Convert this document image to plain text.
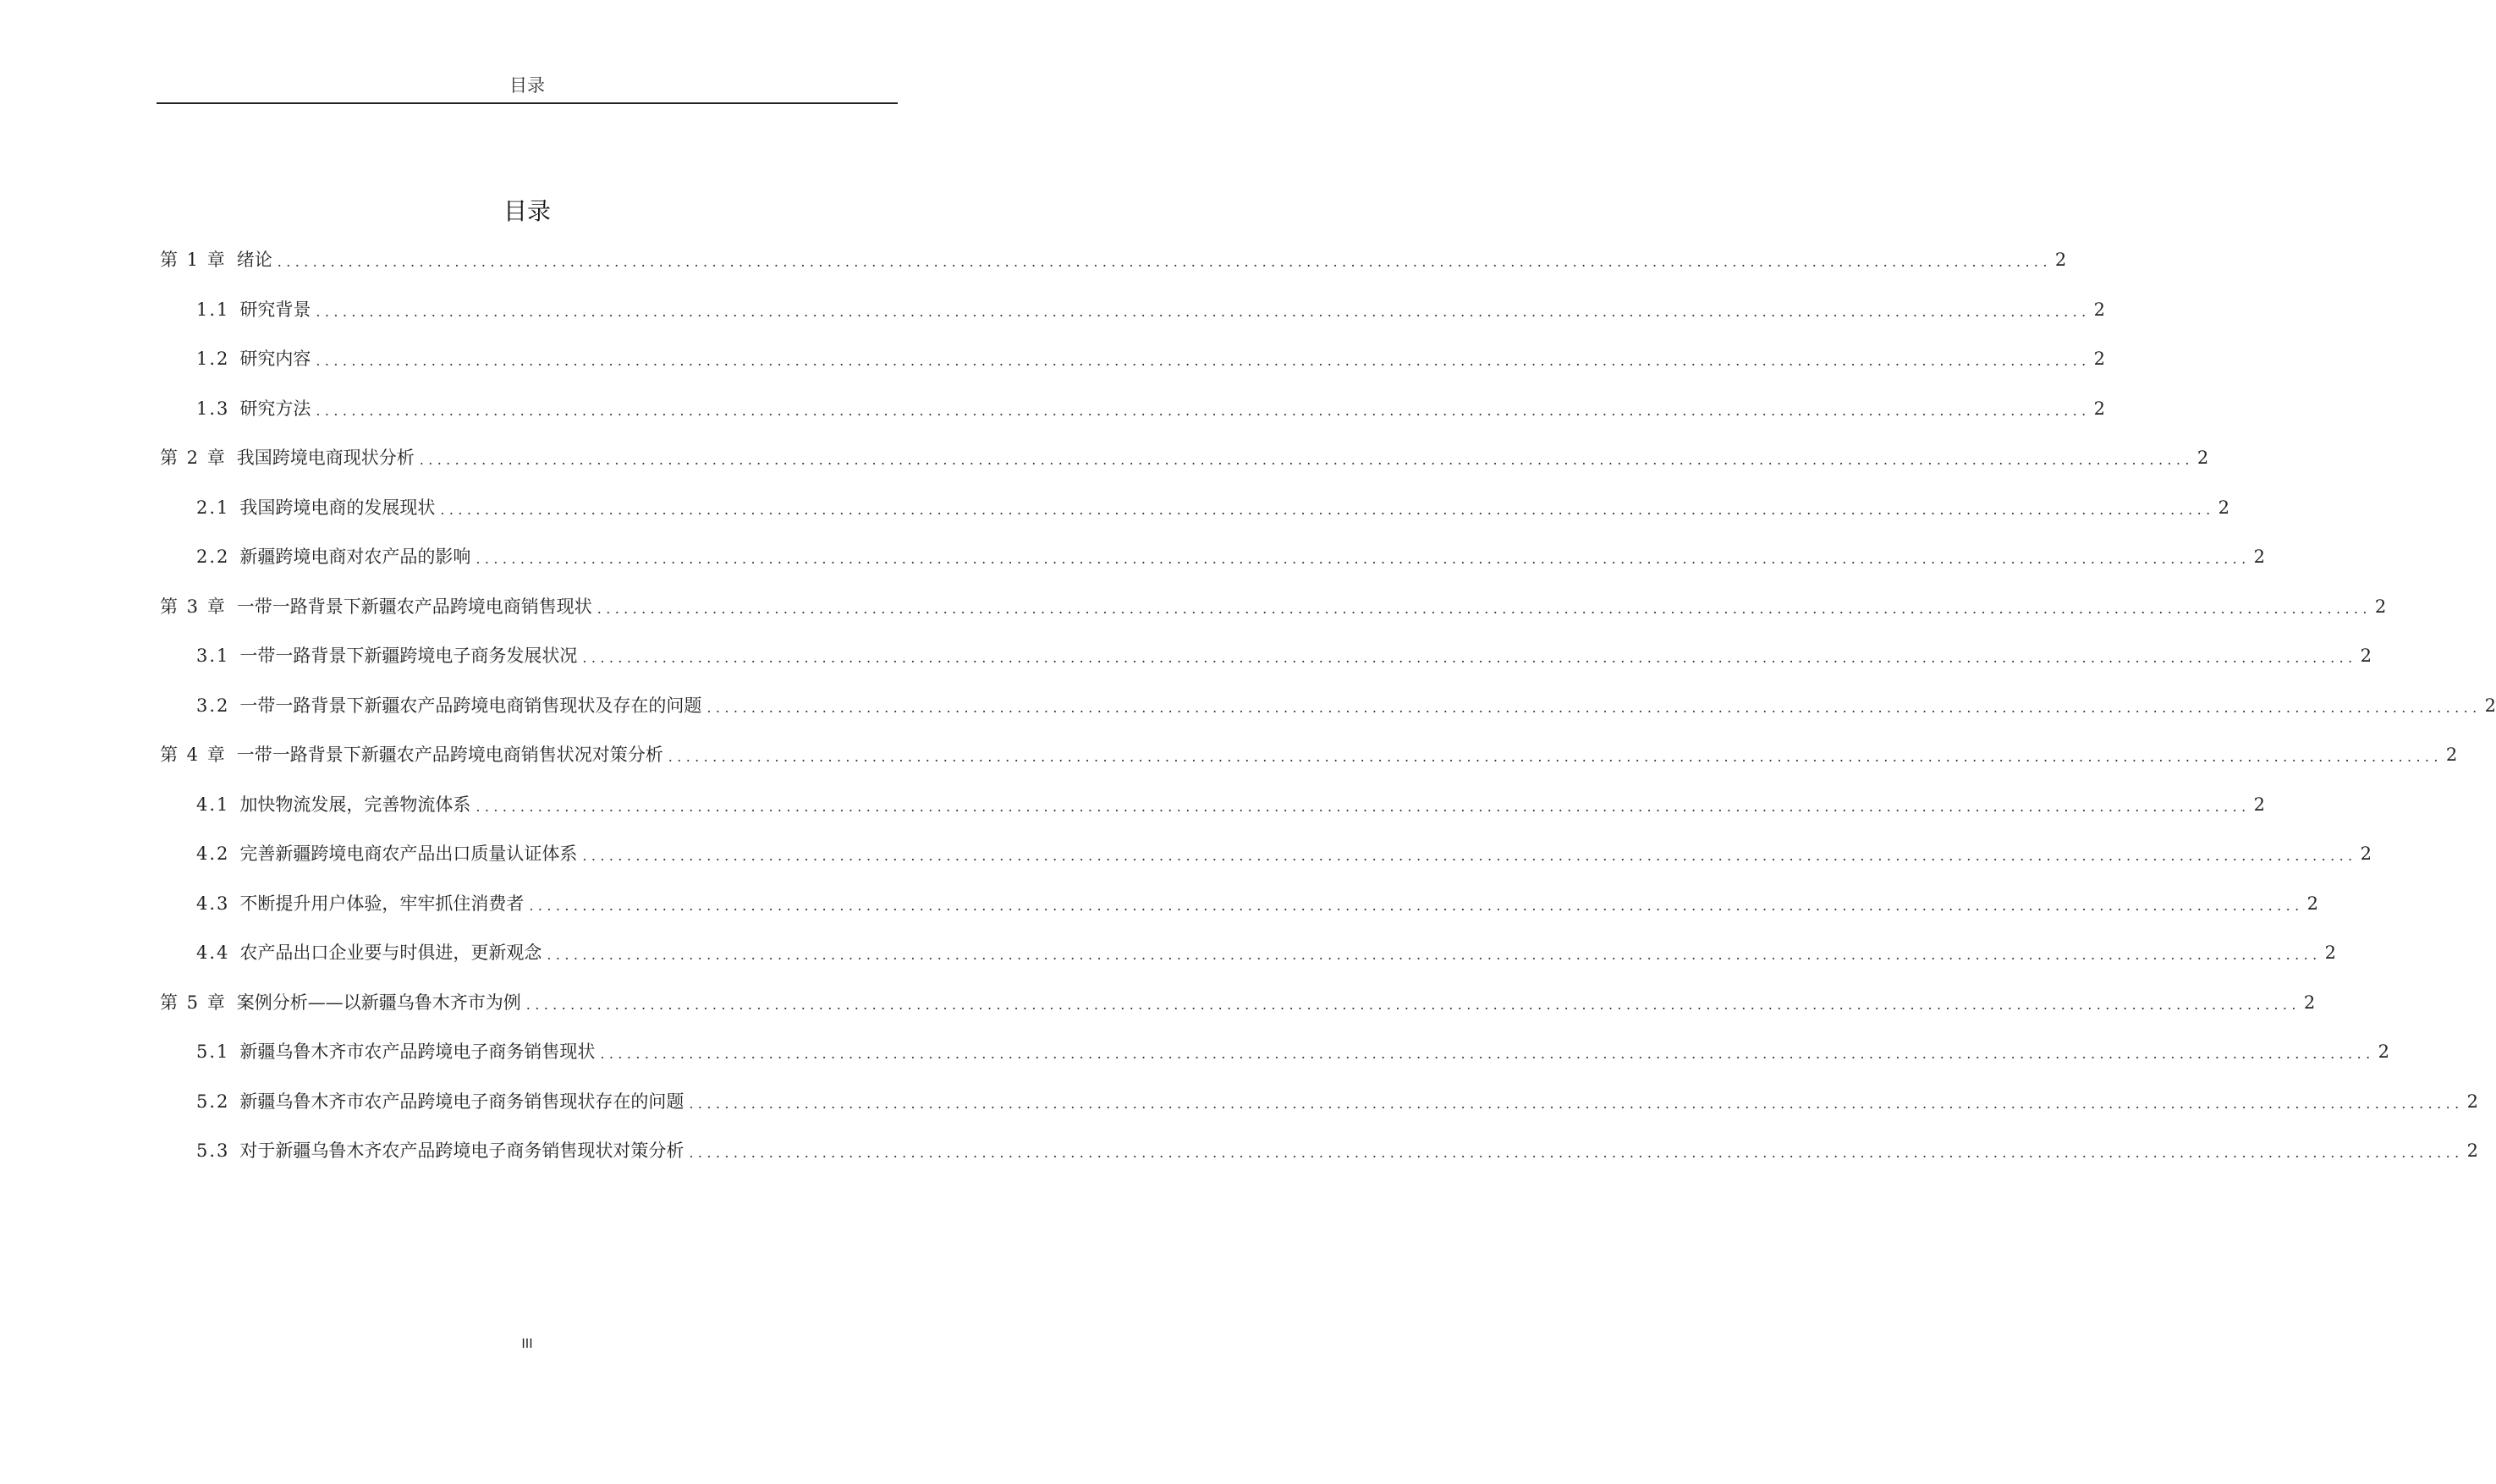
目录
目录
第 1 章 绪论 ........................................................................................................................................................................................................ 2
1.1 研究背景 ........................................................................................................................................................................................................ 2
1.2 研究内容 ........................................................................................................................................................................................................ 2
1.3 研究方法 ........................................................................................................................................................................................................ 2
第 2 章 我国跨境电商现状分析 ........................................................................................................................................................................................................ 2
2.1 我国跨境电商的发展现状 ........................................................................................................................................................................................................ 2
2.2 新疆跨境电商对农产品的影响 ........................................................................................................................................................................................................ 2
第 3 章 一带一路背景下新疆农产品跨境电商销售现状 ........................................................................................................................................................................................................ 2
3.1 一带一路背景下新疆跨境电子商务发展状况 ........................................................................................................................................................................................................ 2
3.2 一带一路背景下新疆农产品跨境电商销售现状及存在的问题 ........................................................................................................................................................................................................ 2
第 4 章 一带一路背景下新疆农产品跨境电商销售状况对策分析 ........................................................................................................................................................................................................ 2
4.1 加快物流发展，完善物流体系 ........................................................................................................................................................................................................ 2
4.2 完善新疆跨境电商农产品出口质量认证体系 ........................................................................................................................................................................................................ 2
4.3 不断提升用户体验，牢牢抓住消费者 ........................................................................................................................................................................................................ 2
4.4 农产品出口企业要与时俱进，更新观念 ........................................................................................................................................................................................................ 2
第 5 章 案例分析——以新疆乌鲁木齐市为例 ........................................................................................................................................................................................................ 2
5.1 新疆乌鲁木齐市农产品跨境电子商务销售现状 ........................................................................................................................................................................................................ 2
5.2 新疆乌鲁木齐市农产品跨境电子商务销售现状存在的问题 ........................................................................................................................................................................................................ 2
5.3 对于新疆乌鲁木齐农产品跨境电子商务销售现状对策分析 ........................................................................................................................................................................................................ 2
III
